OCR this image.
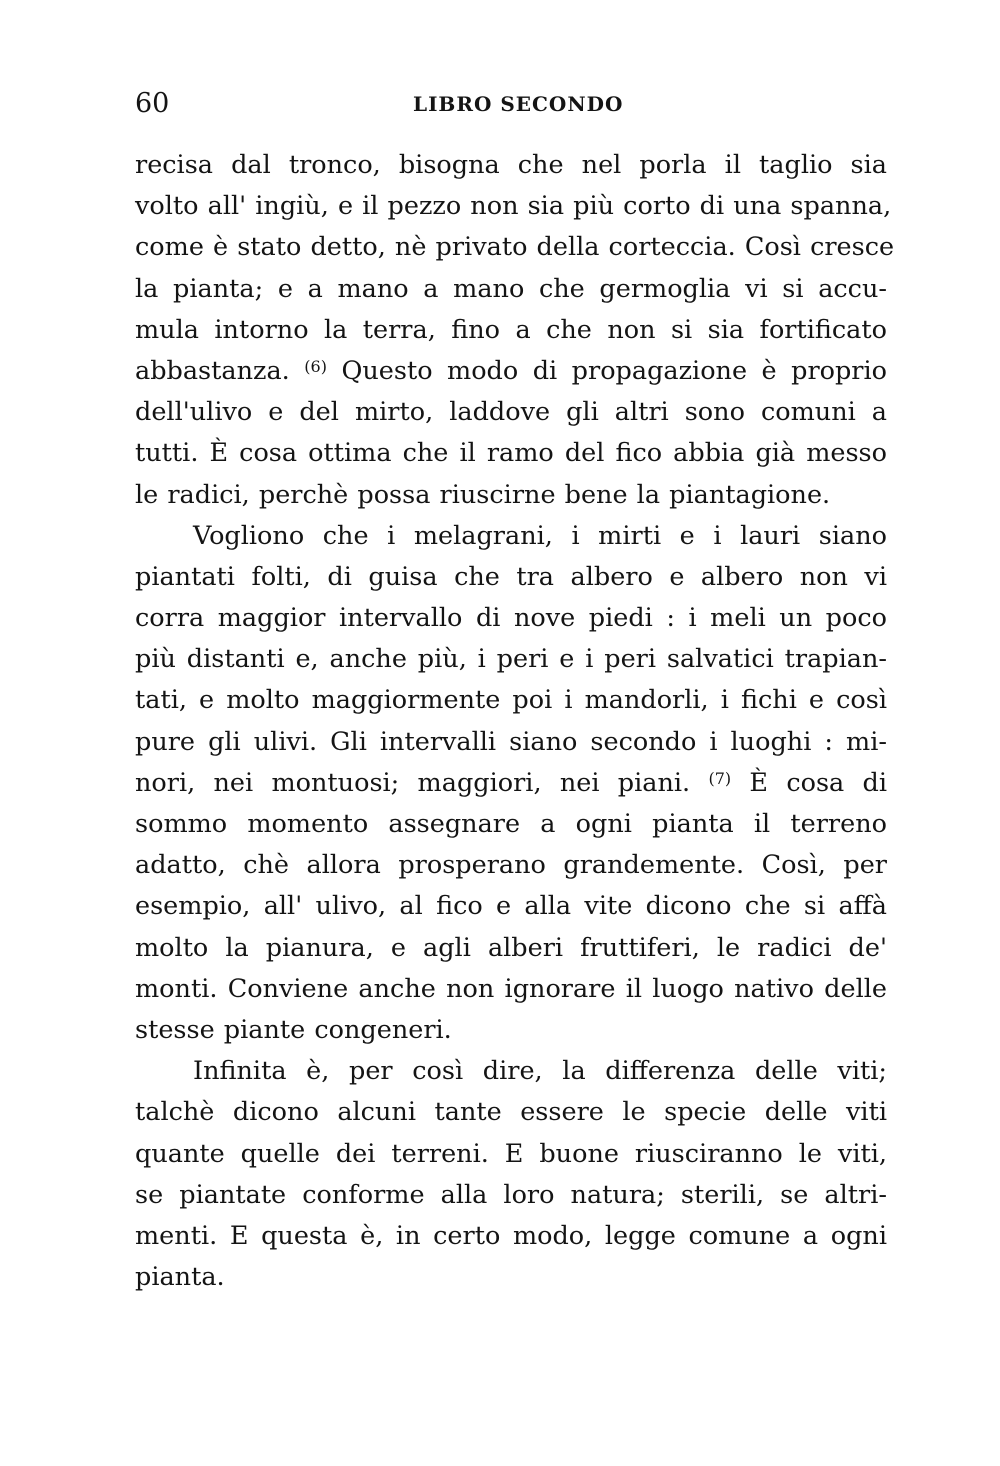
60	LIBRO SECONDO
recisa dal tronco, bisogna che nel porla il taglio sia
volto all' ingiù, e il pezzo non sia più corto di una spanna,
come è stato detto, nè privato della corteccia. Così cresce
la pianta; e a mano a mano che germoglia vi si accu-
mula intorno la terra, fino a che non si sia fortificato
abbastanza. $^{(6)}$ Questo modo di propagazione è proprio
dell'ulivo e del mirto, laddove gli altri sono comuni a
tutti. È cosa ottima che il ramo del fico abbia già messo
le radici, perchè possa riuscirne bene la piantagione.
Vogliono che i melagrani, i mirti e i lauri siano
piantati folti, di guisa che tra albero e albero non vi
corra maggior intervallo di nove piedi : i meli un poco
più distanti e, anche più, i peri e i peri salvatici trapian-
tati, e molto maggiormente poi i mandorli, i fichi e così
pure gli ulivi. Gli intervalli siano secondo i luoghi : mi-
nori, nei montuosi; maggiori, nei piani. $^{(7)}$ È cosa di
sommo momento assegnare a ogni pianta il terreno
adatto, chè allora prosperano grandemente. Così, per
esempio, all' ulivo, al fico e alla vite dicono che si affà
molto la pianura, e agli alberi fruttiferi, le radici de'
monti. Conviene anche non ignorare il luogo nativo delle
stesse piante congeneri.
Infinita è, per così dire, la differenza delle viti;
talchè dicono alcuni tante essere le specie delle viti
quante quelle dei terreni. E buone riusciranno le viti,
se piantate conforme alla loro natura; sterili, se altri-
menti. E questa è, in certo modo, legge comune a ogni
pianta.
